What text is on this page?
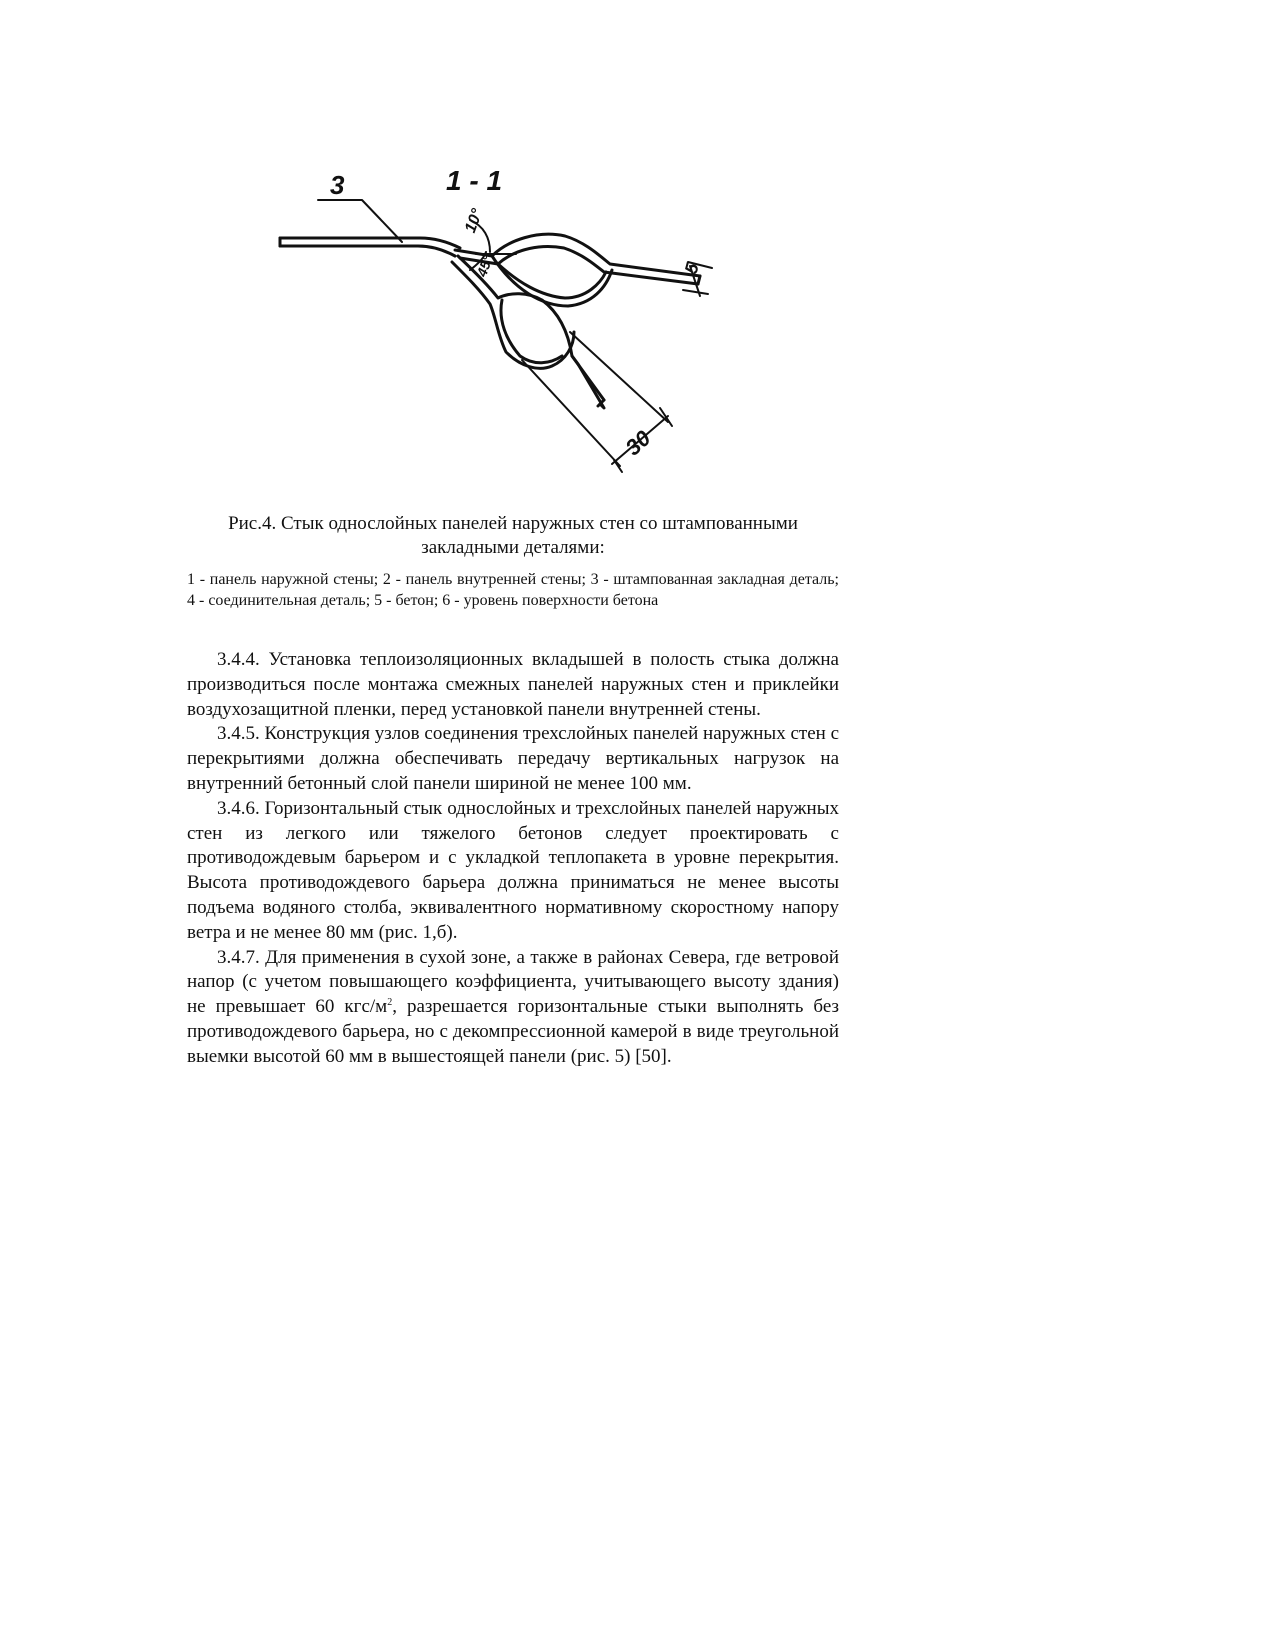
1 - 1
3
10°
45°	5
30

Рис.4. Стык однослойных панелей наружных стен со штампованными закладными деталями:

1 - панель наружной стены; 2 - панель внутренней стены; 3 - штампованная закладная деталь; 4 - соединительная деталь; 5 - бетон; 6 - уровень поверхности бетона

3.4.4. Установка теплоизоляционных вкладышей в полость стыка должна производиться после монтажа смежных панелей наружных стен и приклейки воздухозащитной пленки, перед установкой панели внутренней стены.

3.4.5. Конструкция узлов соединения трехслойных панелей наружных стен с перекрытиями должна обеспечивать передачу вертикальных нагрузок на внутренний бетонный слой панели шириной не менее 100 мм.

3.4.6. Горизонтальный стык однослойных и трехслойных панелей наружных стен из легкого или тяжелого бетонов следует проектировать с противодождевым барьером и с укладкой теплопакета в уровне перекрытия. Высота противодождевого барьера должна приниматься не менее высоты подъема водяного столба, эквивалентного нормативному скоростному напору ветра и не менее 80 мм (рис. 1,б).

3.4.7. Для применения в сухой зоне, а также в районах Севера, где ветровой напор (с учетом повышающего коэффициента, учитывающего высоту здания) не превышает 60 кгс/$м^2$, разрешается горизонтальные стыки выполнять без противодождевого барьера, но с декомпрессионной камерой в виде треугольной выемки высотой 60 мм в вышестоящей панели (рис. 5) [50].
